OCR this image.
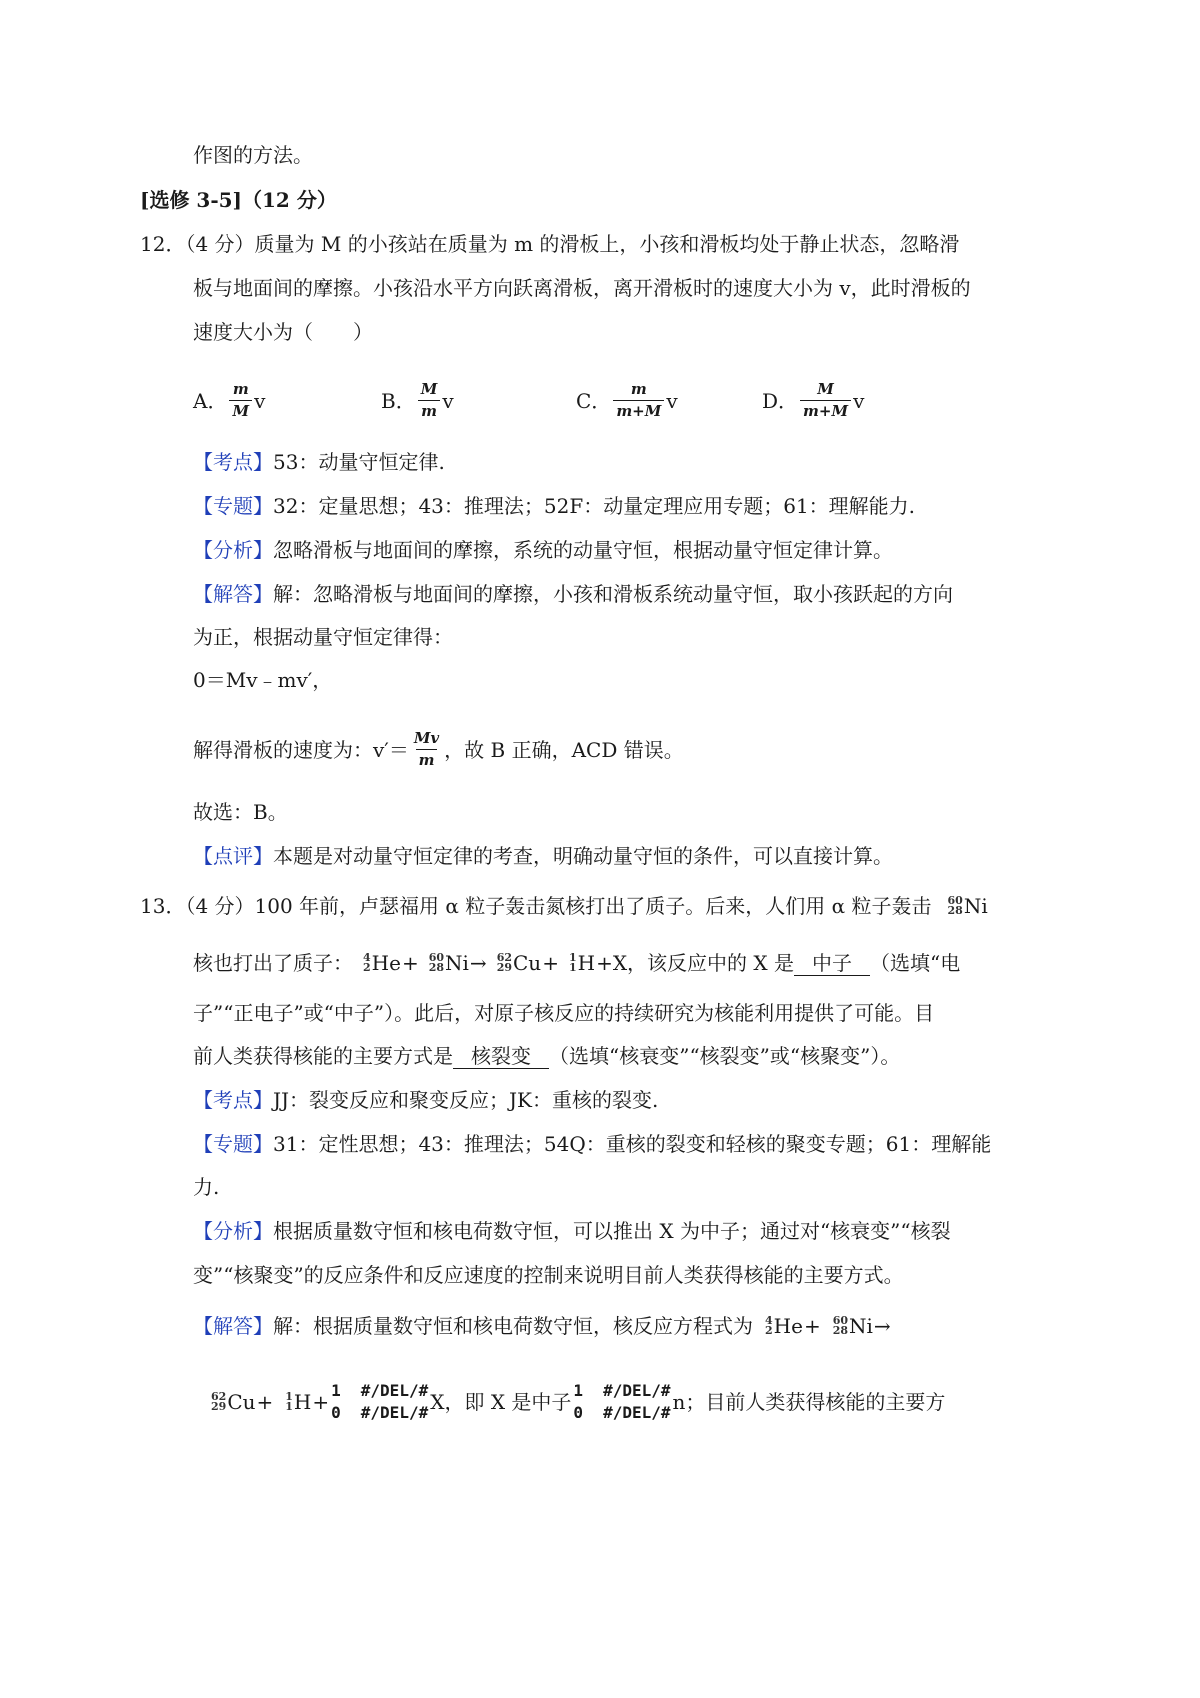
作图的方法。
[选修 3-5]（12 分）
12．（4 分）质量为 M 的小孩站在质量为 m 的滑板上，小孩和滑板均处于静止状态，忽略滑
板与地面间的摩擦。小孩沿水平方向跃离滑板，离开滑板时的速度大小为 v，此时滑板的
速度大小为（　　）
A． $\frac{m}{M}$ v	B． $\frac{M}{m}$ v	C． $\frac{m}{m+M}$ v	D． $\frac{M}{m+M}$ v
【考点】53：动量守恒定律.
【专题】32：定量思想；43：推理法；52F：动量定理应用专题；61：理解能力.
【分析】忽略滑板与地面间的摩擦，系统的动量守恒，根据动量守恒定律计算。
【解答】解：忽略滑板与地面间的摩擦，小孩和滑板系统动量守恒，取小孩跃起的方向
为正，根据动量守恒定律得：
0＝Mv﹣mv′，
解得滑板的速度为：$v'= \frac{Mv}{m}$ ，故 B 正确，ACD 错误。
故选：B。
【点评】本题是对动量守恒定律的考查，明确动量守恒的条件，可以直接计算。
13．（4 分）100 年前，卢瑟福用 α 粒子轰击氮核打出了质子。后来，人们用 α 粒子轰击 60
28 Ni
核也打出了质子： 4
2 He + 60
28 Ni → 62
29 Cu + 1
1 H +X，该反应中的 X 是 中子 （选填“电
子”“正电子”或“中子”）。此后，对原子核反应的持续研究为核能利用提供了可能。目
前人类获得核能的主要方式是 核裂变 （选填“核衰变”“核裂变”或“核聚变”）。
【考点】JJ：裂变反应和聚变反应；JK：重核的裂变.
【专题】31：定性思想；43：推理法；54Q：重核的裂变和轻核的聚变专题；61：理解能
力.
【分析】根据质量数守恒和核电荷数守恒，可以推出 X 为中子；通过对“核衰变”“核裂
变”“核聚变”的反应条件和反应速度的控制来说明目前人类获得核能的主要方式。
【解答】 解：根据质量数守恒和核电荷数守恒，核反应方程式为 4
2 He + 60
28 Ni →
62
29 Cu + 1
1 H + 1
0
#/DEL/#
#/DEL/# X，即 X 是中子 1
0
#/DEL/#
#/DEL/# n；目前人类获得核能的主要方
